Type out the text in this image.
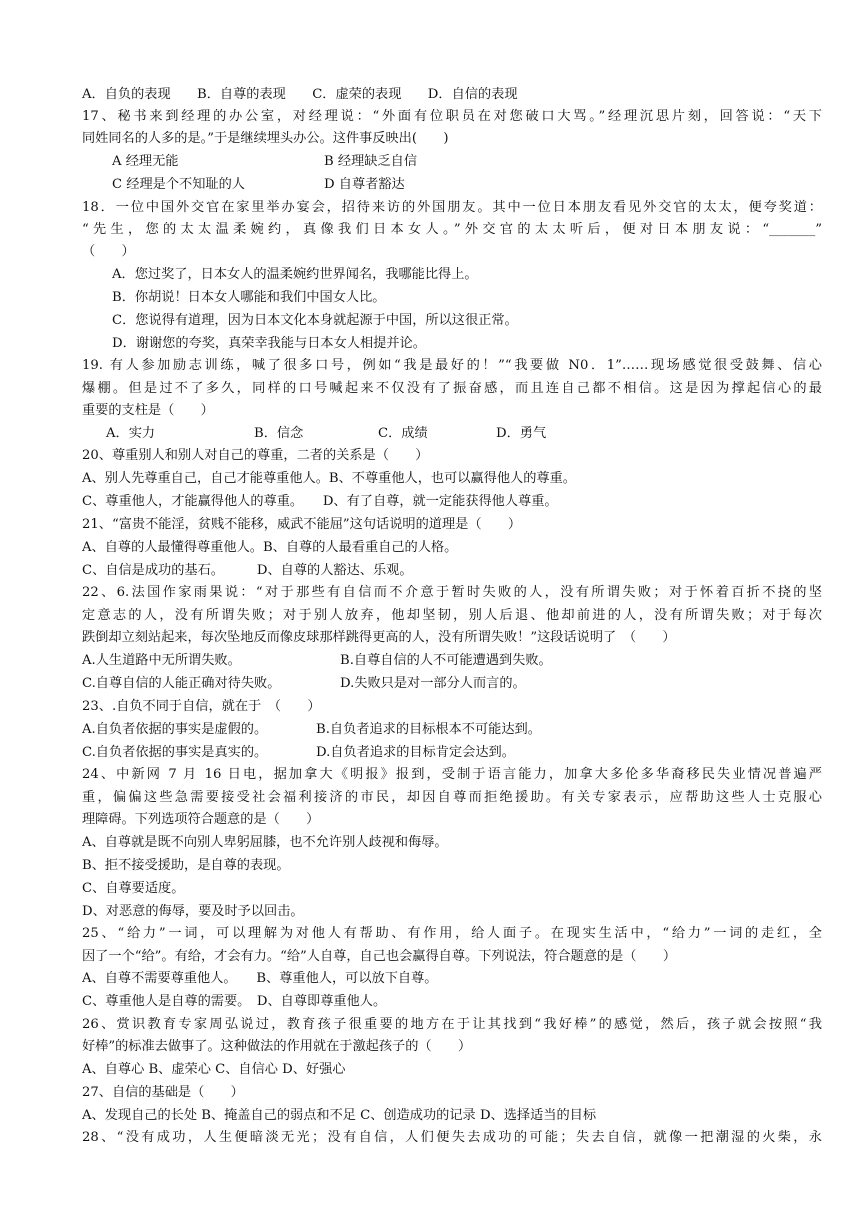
A．自负的表现　　B．自尊的表现　　C．虚荣的表现　　D．自信的表现
17、秘书来到经理的办公室，对经理说：“外面有位职员在对您破口大骂。”经理沉思片刻，回答说：“天下
同姓同名的人多的是。”于是继续埋头办公。这件事反映出(　　)
A 经理无能	B 经理缺乏自信
C 经理是个不知耻的人	D 自尊者豁达
18．一位中国外交官在家里举办宴会，招待来访的外国朋友。其中一位日本朋友看见外交官的太太，便夸奖道：
“先生，您的太太温柔婉约，真像我们日本女人。”外交官的太太听后，便对日本朋友说：“_______”
（　　）
A．您过奖了，日本女人的温柔婉约世界闻名，我哪能比得上。
B．你胡说！日本女人哪能和我们中国女人比。
C．您说得有道理，因为日本文化本身就起源于中国，所以这很正常。
D．谢谢您的夸奖，真荣幸我能与日本女人相提并论。
19. 有人参加励志训练，喊了很多口号，例如“我是最好的！”“我要做 N0．1”……现场感觉很受鼓舞、信心
爆棚。但是过不了多久，同样的口号喊起来不仅没有了振奋感，而且连自己都不相信。这是因为撑起信心的最
重要的支柱是（　　）
A．实力	B．信念	C．成绩	D．勇气
20、尊重别人和别人对自己的尊重，二者的关系是（　　）
A、别人先尊重自己，自己才能尊重他人。B、不尊重他人，也可以赢得他人的尊重。
C、尊重他人，才能赢得他人的尊重。　　D、有了自尊，就一定能获得他人尊重。
21、“富贵不能淫，贫贱不能移，威武不能屈”这句话说明的道理是（　　）
A、自尊的人最懂得尊重他人。B、自尊的人最看重自己的人格。
C、自信是成功的基石。　　　D、自尊的人豁达、乐观。
22、6.法国作家雨果说：“对于那些有自信而不介意于暂时失败的人，没有所谓失败；对于怀着百折不挠的坚
定意志的人，没有所谓失败；对于别人放弃，他却坚韧，别人后退、他却前进的人，没有所谓失败；对于每次
跌倒却立刻站起来，每次坠地反而像皮球那样跳得更高的人，没有所谓失败！”这段话说明了　（　　）
A.人生道路中无所谓失败。	B.自尊自信的人不可能遭遇到失败。
C.自尊自信的人能正确对待失败。	D.失败只是对一部分人而言的。
23、.自负不同于自信，就在于　（　　）
A.自负者依据的事实是虚假的。	B.自负者追求的目标根本不可能达到。
C.自负者依据的事实是真实的。	D.自负者追求的目标肯定会达到。
24、中新网 7 月 16 日电，据加拿大《明报》报到，受制于语言能力，加拿大多伦多华裔移民失业情况普遍严
重，偏偏这些急需要接受社会福利接济的市民，却因自尊而拒绝援助。有关专家表示，应帮助这些人士克服心
理障碍。下列选项符合题意的是（　　）
A、自尊就是既不向别人卑躬屈膝，也不允许别人歧视和侮辱。
B、拒不接受援助，是自尊的表现。
C、自尊要适度。
D、对恶意的侮辱，要及时予以回击。
25、“给力”一词，可以理解为对他人有帮助、有作用，给人面子。在现实生活中，“给力”一词的走红，全
因了一个“给”。有给，才会有力。“给”人自尊，自己也会赢得自尊。下列说法，符合题意的是（　　）
A、自尊不需要尊重他人。　　B、尊重他人，可以放下自尊。
C、尊重他人是自尊的需要。　D、自尊即尊重他人。
26、赏识教育专家周弘说过，教育孩子很重要的地方在于让其找到“我好棒”的感觉，然后，孩子就会按照“我
好棒”的标准去做事了。这种做法的作用就在于激起孩子的（　　）
A、自尊心 B、虚荣心 C、自信心 D、好强心
27、自信的基础是（　　）
A、发现自己的长处 B、掩盖自己的弱点和不足 C、创造成功的记录 D、选择适当的目标
28、“没有成功，人生便暗淡无光；没有自信，人们便失去成功的可能；失去自信，就像一把潮湿的火柴，永
